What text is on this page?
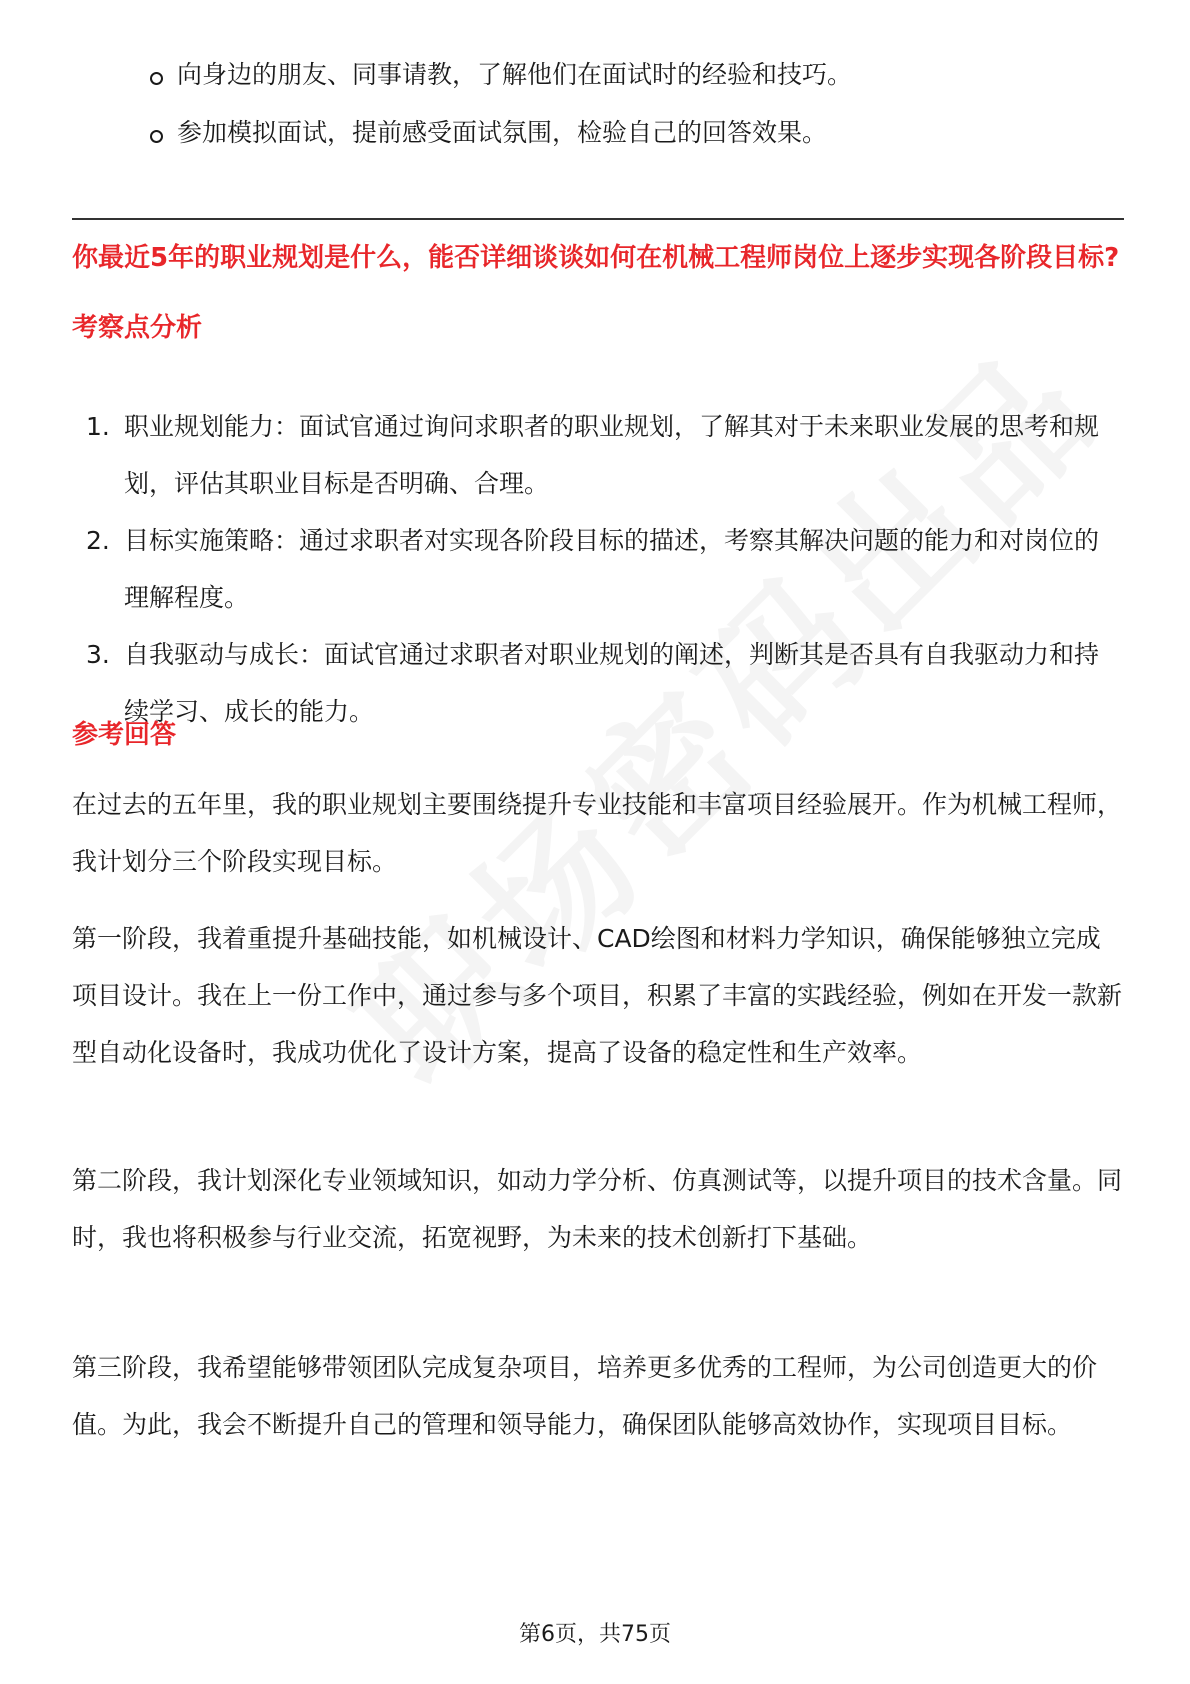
向身边的朋友、同事请教，了解他们在面试时的经验和技巧。
参加模拟面试，提前感受面试氛围，检验自己的回答效果。
你最近5年的职业规划是什么，能否详细谈谈如何在机械工程师岗位上逐步实现各阶段目标?
考察点分析
1. 职业规划能力：面试官通过询问求职者的职业规划，了解其对于未来职业发展的思考和规划，评估其职业目标是否明确、合理。
2. 目标实施策略：通过求职者对实现各阶段目标的描述，考察其解决问题的能力和对岗位的理解程度。
3. 自我驱动与成长：面试官通过求职者对职业规划的阐述，判断其是否具有自我驱动力和持续学习、成长的能力。
参考回答

在过去的五年里，我的职业规划主要围绕提升专业技能和丰富项目经验展开。作为机械工程师，我计划分三个阶段实现目标。

第一阶段，我着重提升基础技能，如机械设计、CAD绘图和材料力学知识，确保能够独立完成项目设计。我在上一份工作中，通过参与多个项目，积累了丰富的实践经验，例如在开发一款新型自动化设备时，我成功优化了设计方案，提高了设备的稳定性和生产效率。

第二阶段，我计划深化专业领域知识，如动力学分析、仿真测试等，以提升项目的技术含量。同时，我也将积极参与行业交流，拓宽视野，为未来的技术创新打下基础。

第三阶段，我希望能够带领团队完成复杂项目，培养更多优秀的工程师，为公司创造更大的价值。为此，我会不断提升自己的管理和领导能力，确保团队能够高效协作，实现项目目标。

第6页，共75页
